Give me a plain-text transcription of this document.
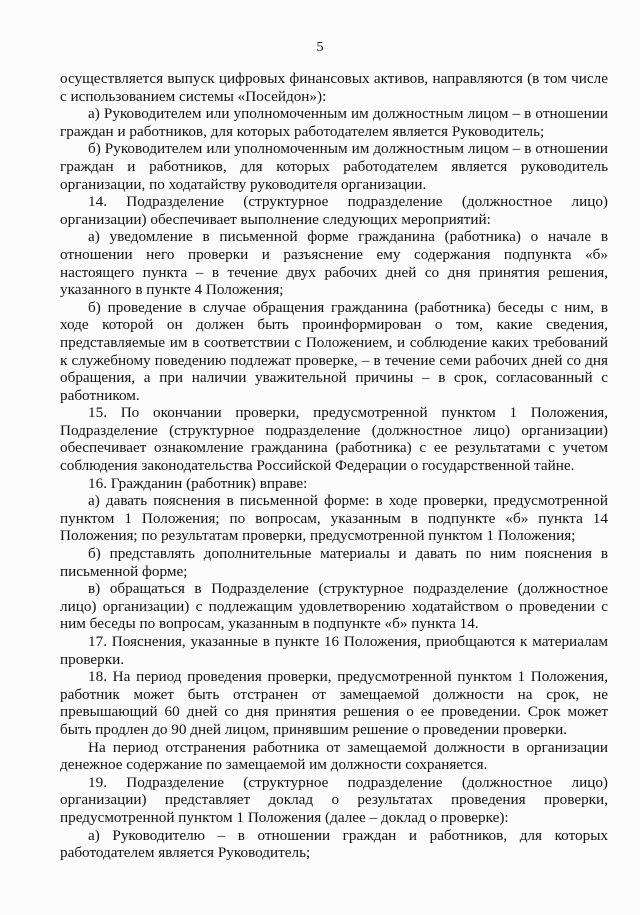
5

осуществляется выпуск цифровых финансовых активов, направляются (в том числе с использованием системы «Посейдон»):

а) Руководителем или уполномоченным им должностным лицом – в отношении граждан и работников, для которых работодателем является Руководитель;

б) Руководителем или уполномоченным им должностным лицом – в отношении граждан и работников, для которых работодателем является руководитель организации, по ходатайству руководителя организации.

14. Подразделение (структурное подразделение (должностное лицо) организации) обеспечивает выполнение следующих мероприятий:

а) уведомление в письменной форме гражданина (работника) о начале в отношении него проверки и разъяснение ему содержания подпункта «б» настоящего пункта – в течение двух рабочих дней со дня принятия решения, указанного в пункте 4 Положения;

б) проведение в случае обращения гражданина (работника) беседы с ним, в ходе которой он должен быть проинформирован о том, какие сведения, представляемые им в соответствии с Положением, и соблюдение каких требований к служебному поведению подлежат проверке, – в течение семи рабочих дней со дня обращения, а при наличии уважительной причины – в срок, согласованный с работником.

15. По окончании проверки, предусмотренной пунктом 1 Положения, Подразделение (структурное подразделение (должностное лицо) организации) обеспечивает ознакомление гражданина (работника) с ее результатами с учетом соблюдения законодательства Российской Федерации о государственной тайне.

16. Гражданин (работник) вправе:

а) давать пояснения в письменной форме: в ходе проверки, предусмотренной пунктом 1 Положения; по вопросам, указанным в подпункте «б» пункта 14 Положения; по результатам проверки, предусмотренной пунктом 1 Положения;

б) представлять дополнительные материалы и давать по ним пояснения в письменной форме;

в) обращаться в Подразделение (структурное подразделение (должностное лицо) организации) с подлежащим удовлетворению ходатайством о проведении с ним беседы по вопросам, указанным в подпункте «б» пункта 14.

17. Пояснения, указанные в пункте 16 Положения, приобщаются к материалам проверки.

18. На период проведения проверки, предусмотренной пунктом 1 Положения, работник может быть отстранен от замещаемой должности на срок, не превышающий 60 дней со дня принятия решения о ее проведении. Срок может быть продлен до 90 дней лицом, принявшим решение о проведении проверки.

На период отстранения работника от замещаемой должности в организации денежное содержание по замещаемой им должности сохраняется.

19. Подразделение (структурное подразделение (должностное лицо) организации) представляет доклад о результатах проведения проверки, предусмотренной пунктом 1 Положения (далее – доклад о проверке):

а) Руководителю – в отношении граждан и работников, для которых работодателем является Руководитель;
